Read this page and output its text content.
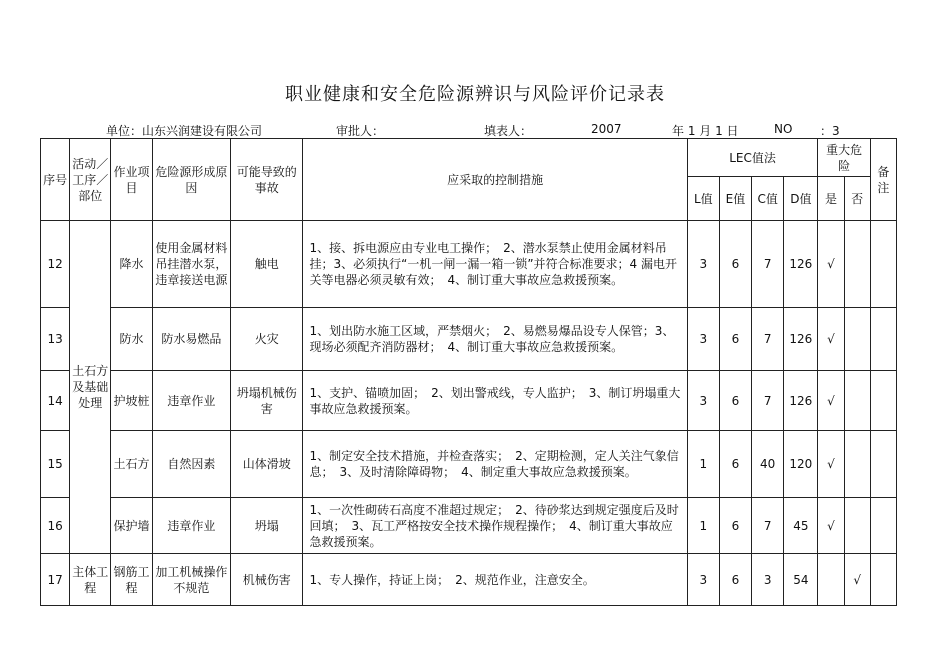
职业健康和安全危险源辨识与风险评价记录表
单位：山东兴润建设有限公司	审批人：	填表人：	2007	年 1 月 1 日	NO ：3
序号	活动／工序／部位	作业项目	危险源形成原因	可能导致的事故	应采取的控制措施	LEC值法				重大危险		备注
						L值	E值	C值	D值	是	否	
12	土石方及基础处理	降水	使用金属材料吊挂潜水泵，违章接送电源	触电	1、接、拆电源应由专业电工操作；　2、潜水泵禁止使用金属材料吊挂；3、必须执行“一机一闸一漏一箱一锁”并符合标准要求；4 漏电开关等电器必须灵敏有效；　4、制订重大事故应急救援预案。	3	6	7	126	√		
13		防水	防水易燃品	火灾	1、划出防水施工区域，严禁烟火；　2、易燃易爆品设专人保管；3、现场必须配齐消防器材；　4、制订重大事故应急救援预案。	3	6	7	126	√		
14		护坡桩	违章作业	坍塌机械伤害	1、支护、锚喷加固；　2、划出警戒线，专人监护；　3、制订坍塌重大事故应急救援预案。	3	6	7	126	√		
15		土石方	自然因素	山体滑坡	1、制定安全技术措施，并检查落实；　2、定期检测，定人关注气象信息；　3、及时清除障碍物；　4、制定重大事故应急救援预案。	1	6	40	120	√		
16		保护墙	违章作业	坍塌	1、一次性砌砖石高度不准超过规定；　2、待砂浆达到规定强度后及时回填；　3、瓦工严格按安全技术操作规程操作；　4、制订重大事故应急救援预案。	1	6	7	45	√		
17	主体工程	钢筋工程	加工机械操作不规范	机械伤害	1、专人操作，持证上岗；　2、规范作业，注意安全。	3	6	3	54		√	
